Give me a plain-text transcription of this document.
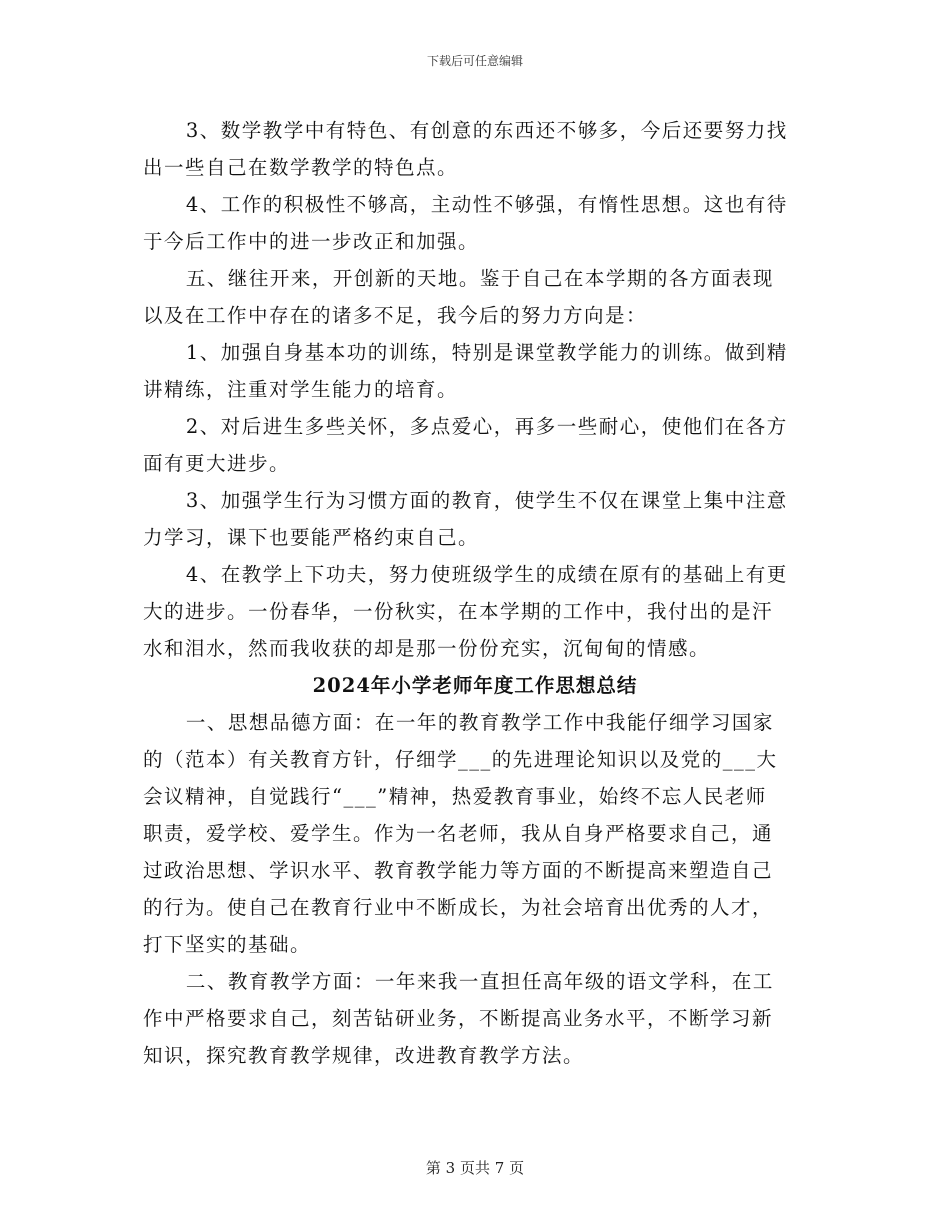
下载后可任意编辑

3、数学教学中有特色、有创意的东西还不够多，今后还要努力找
出一些自己在数学教学的特色点。

4、工作的积极性不够高，主动性不够强，有惰性思想。这也有待
于今后工作中的进一步改正和加强。

五、继往开来，开创新的天地。鉴于自己在本学期的各方面表现
以及在工作中存在的诸多不足，我今后的努力方向是：

1、加强自身基本功的训练，特别是课堂教学能力的训练。做到精
讲精练，注重对学生能力的培育。

2、对后进生多些关怀，多点爱心，再多一些耐心，使他们在各方
面有更大进步。

3、加强学生行为习惯方面的教育，使学生不仅在课堂上集中注意
力学习，课下也要能严格约束自己。

4、在教学上下功夫，努力使班级学生的成绩在原有的基础上有更
大的进步。一份春华，一份秋实，在本学期的工作中，我付出的是汗
水和泪水，然而我收获的却是那一份份充实，沉甸甸的情感。

2024年小学老师年度工作思想总结

一、思想品德方面：在一年的教育教学工作中我能仔细学习国家
的（范本）有关教育方针，仔细学___的先进理论知识以及党的___大
会议精神，自觉践行“___”精神，热爱教育事业，始终不忘人民老师
职责，爱学校、爱学生。作为一名老师，我从自身严格要求自己，通
过政治思想、学识水平、教育教学能力等方面的不断提高来塑造自己
的行为。使自己在教育行业中不断成长，为社会培育出优秀的人才，
打下坚实的基础。

二、教育教学方面：一年来我一直担任高年级的语文学科，在工
作中严格要求自己，刻苦钻研业务，不断提高业务水平，不断学习新
知识，探究教育教学规律，改进教育教学方法。

第 3 页共 7 页
